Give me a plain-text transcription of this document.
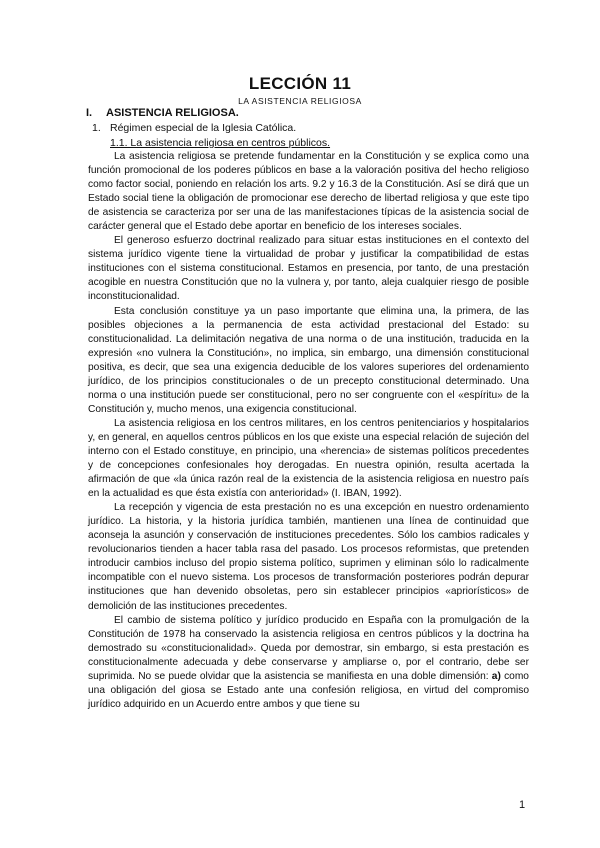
LECCIÓN 11
LA ASISTENCIA RELIGIOSA
I. ASISTENCIA RELIGIOSA.
1. Régimen especial de la Iglesia Católica.
1.1. La asistencia religiosa en centros públicos.

La asistencia religiosa se pretende fundamentar en la Constitución y se explica como una función promocional de los poderes públicos en base a la valoración positiva del hecho religioso como factor social, poniendo en relación los arts. 9.2 y 16.3 de la Constitución. Así se dirá que un Estado social tiene la obligación de promocionar ese derecho de libertad religiosa y que este tipo de asistencia se caracteriza por ser una de las manifestaciones típicas de la asistencia social de carácter general que el Estado debe aportar en beneficio de los intereses sociales.

El generoso esfuerzo doctrinal realizado para situar estas instituciones en el contexto del sistema jurídico vigente tiene la virtualidad de probar y justificar la compatibilidad de estas instituciones con el sistema constitucional. Estamos en presencia, por tanto, de una prestación acogible en nuestra Constitución que no la vulnera y, por tanto, aleja cualquier riesgo de posible inconstitucionalidad.

Esta conclusión constituye ya un paso importante que elimina una, la primera, de las posibles objeciones a la permanencia de esta actividad prestacional del Estado: su constitucionalidad. La delimitación negativa de una norma o de una institución, traducida en la expresión «no vulnera la Constitución», no implica, sin embargo, una dimensión constitucional positiva, es decir, que sea una exigencia deducible de los valores superiores del ordenamiento jurídico, de los principios constitucionales o de un precepto constitucional determinado. Una norma o una institución puede ser constitucional, pero no ser congruente con el «espíritu» de la Constitución y, mucho menos, una exigencia constitucional.

La asistencia religiosa en los centros militares, en los centros penitenciarios y hospitalarios y, en general, en aquellos centros públicos en los que existe una especial relación de sujeción del interno con el Estado constituye, en principio, una «herencia» de sistemas políticos precedentes y de concepciones confesionales hoy derogadas. En nuestra opinión, resulta acertada la afirmación de que «la única razón real de la existencia de la asistencia religiosa en nuestro país en la actualidad es que ésta existía con anterioridad» (I. IBAN, 1992).

La recepción y vigencia de esta prestación no es una excepción en nuestro ordenamiento jurídico. La historia, y la historia jurídica también, mantienen una línea de continuidad que aconseja la asunción y conservación de instituciones precedentes. Sólo los cambios radicales y revolucionarios tienden a hacer tabla rasa del pasado. Los procesos reformistas, que pretenden introducir cambios incluso del propio sistema político, suprimen y eliminan sólo lo radicalmente incompatible con el nuevo sistema. Los procesos de transformación posteriores podrán depurar instituciones que han devenido obsoletas, pero sin establecer principios «apriorísticos» de demolición de las instituciones precedentes.

El cambio de sistema político y jurídico producido en España con la promulgación de la Constitución de 1978 ha conservado la asistencia religiosa en centros públicos y la doctrina ha demostrado su «constitucionalidad». Queda por demostrar, sin embargo, si esta prestación es constitucionalmente adecuada y debe conservarse y ampliarse o, por el contrario, debe ser suprimida. No se puede olvidar que la asistencia se manifiesta en una doble dimensión: a) como una obligación del giosa se Estado ante una confesión religiosa, en virtud del compromiso jurídico adquirido en un Acuerdo entre ambos y que tiene su

1
